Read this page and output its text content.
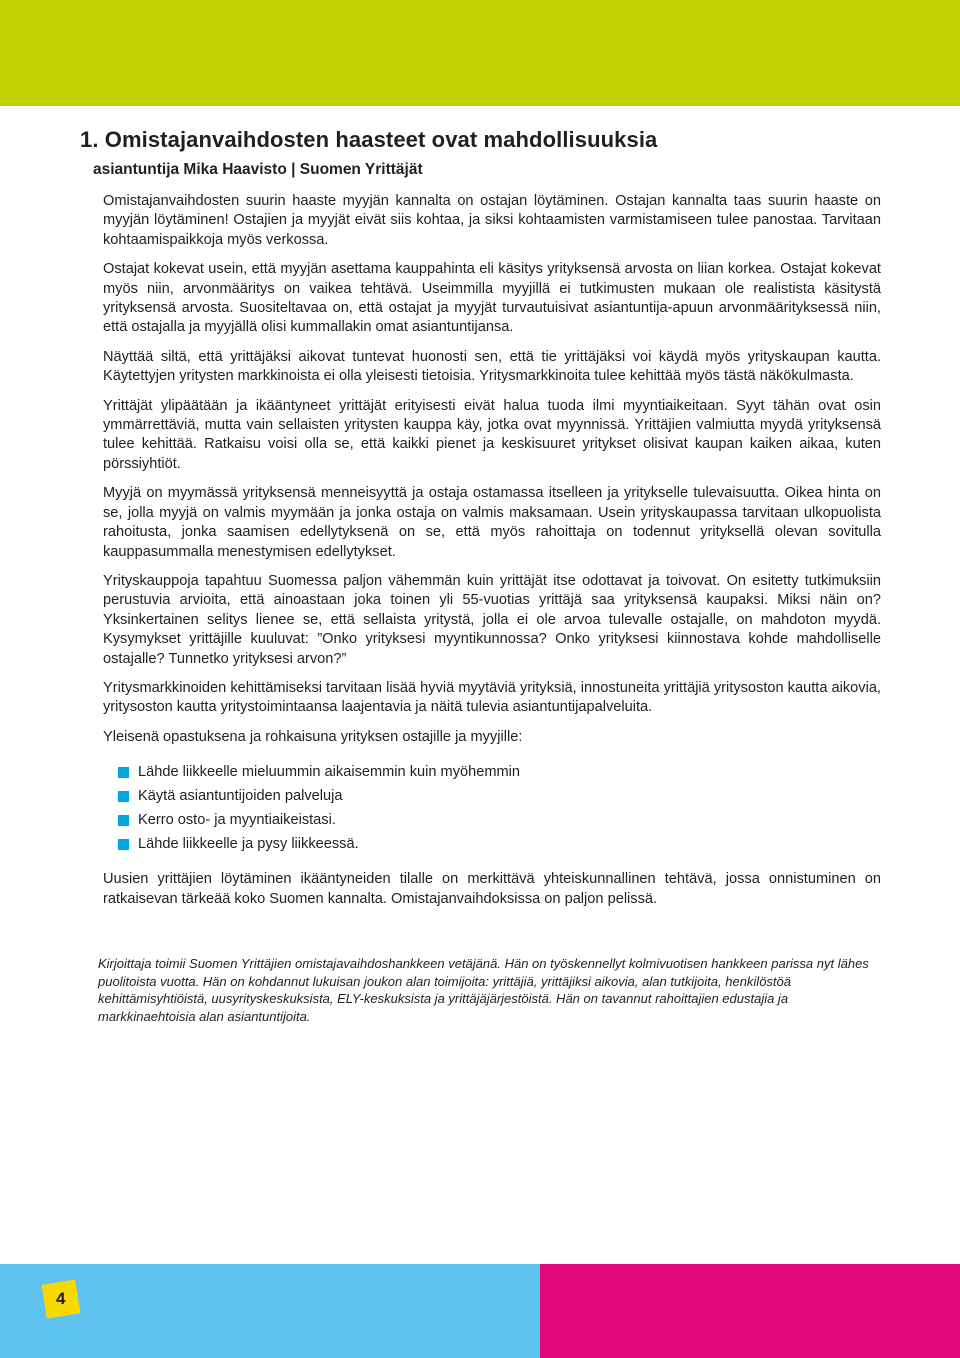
1. Omistajanvaihdosten haasteet ovat mahdollisuuksia
asiantuntija Mika Haavisto | Suomen Yrittäjät

Omistajanvaihdosten suurin haaste myyjän kannalta on ostajan löytäminen. Ostajan kannalta taas suurin haaste on myyjän löytäminen! Ostajien ja myyjät eivät siis kohtaa, ja siksi kohtaamisten varmistamiseen tulee panostaa. Tarvitaan kohtaamispaikkoja myös verkossa.

Ostajat kokevat usein, että myyjän asettama kauppahinta eli käsitys yrityksensä arvosta on liian korkea. Ostajat kokevat myös niin, arvonmääritys on vaikea tehtävä. Useimmilla myyjillä ei tutkimusten mukaan ole realistista käsitystä yrityksensä arvosta. Suositeltavaa on, että ostajat ja myyjät turvautuisivat asiantuntija-apuun arvonmäärityksessä niin, että ostajalla ja myyjällä olisi kummallakin omat asiantuntijansa.

Näyttää siltä, että yrittäjäksi aikovat tuntevat huonosti sen, että tie yrittäjäksi voi käydä myös yrityskaupan kautta. Käytettyjen yritysten markkinoista ei olla yleisesti tietoisia. Yritysmarkkinoita tulee kehittää myös tästä näkökulmasta.

Yrittäjät ylipäätään ja ikääntyneet yrittäjät erityisesti eivät halua tuoda ilmi myyntiaikeitaan. Syyt tähän ovat osin ymmärrettäviä, mutta vain sellaisten yritysten kauppa käy, jotka ovat myynnissä. Yrittäjien valmiutta myydä yrityksensä tulee kehittää. Ratkaisu voisi olla se, että kaikki pienet ja keskisuuret yritykset olisivat kaupan kaiken aikaa, kuten pörssiyhtiöt.

Myyjä on myymässä yrityksensä menneisyyttä ja ostaja ostamassa itselleen ja yritykselle tulevaisuutta. Oikea hinta on se, jolla myyjä on valmis myymään ja jonka ostaja on valmis maksamaan. Usein yrityskaupassa tarvitaan ulkopuolista rahoitusta, jonka saamisen edellytyksenä on se, että myös rahoittaja on todennut yrityksellä olevan sovitulla kauppasummalla menestymisen edellytykset.

Yrityskauppoja tapahtuu Suomessa paljon vähemmän kuin yrittäjät itse odottavat ja toivovat. On esitetty tutkimuksiin perustuvia arvioita, että ainoastaan joka toinen yli 55-vuotias yrittäjä saa yrityksensä kaupaksi. Miksi näin on? Yksinkertainen selitys lienee se, että sellaista yritystä, jolla ei ole arvoa tulevalle ostajalle, on mahdoton myydä. Kysymykset yrittäjille kuuluvat: ”Onko yrityksesi myyntikunnossa? Onko yrityksesi kiinnostava kohde mahdolliselle ostajalle? Tunnetko yrityksesi arvon?”

Yritysmarkkinoiden kehittämiseksi tarvitaan lisää hyviä myytäviä yrityksiä, innostuneita yrittäjiä yritysoston kautta aikovia, yritysoston kautta yritystoimintaansa laajentavia ja näitä tulevia asiantuntijapalveluita.

Yleisenä opastuksena ja rohkaisuna yrityksen ostajille ja myyjille:

Lähde liikkeelle mieluummin aikaisemmin kuin myöhemmin
Käytä asiantuntijoiden palveluja
Kerro osto- ja myyntiaikeistasi.
Lähde liikkeelle ja pysy liikkeessä.

Uusien yrittäjien löytäminen ikääntyneiden tilalle on merkittävä yhteiskunnallinen tehtävä, jossa onnistuminen on ratkaisevan tärkeää koko Suomen kannalta. Omistajanvaihdoksissa on paljon pelissä.

Kirjoittaja toimii Suomen Yrittäjien omistajavaihdoshankkeen vetäjänä. Hän on työskennellyt kolmivuotisen hankkeen parissa nyt lähes puolitoista vuotta. Hän on kohdannut lukuisan joukon alan toimijoita: yrittäjiä, yrittäjiksi aikovia, alan tutkijoita, henkilöstöä kehittämisyhtiöistä, uusyrityskeskuksista, ELY-keskuksista ja yrittäjäjärjestöistä. Hän on tavannut rahoittajien edustajia ja markkinaehtoisia alan asiantuntijoita.

4
